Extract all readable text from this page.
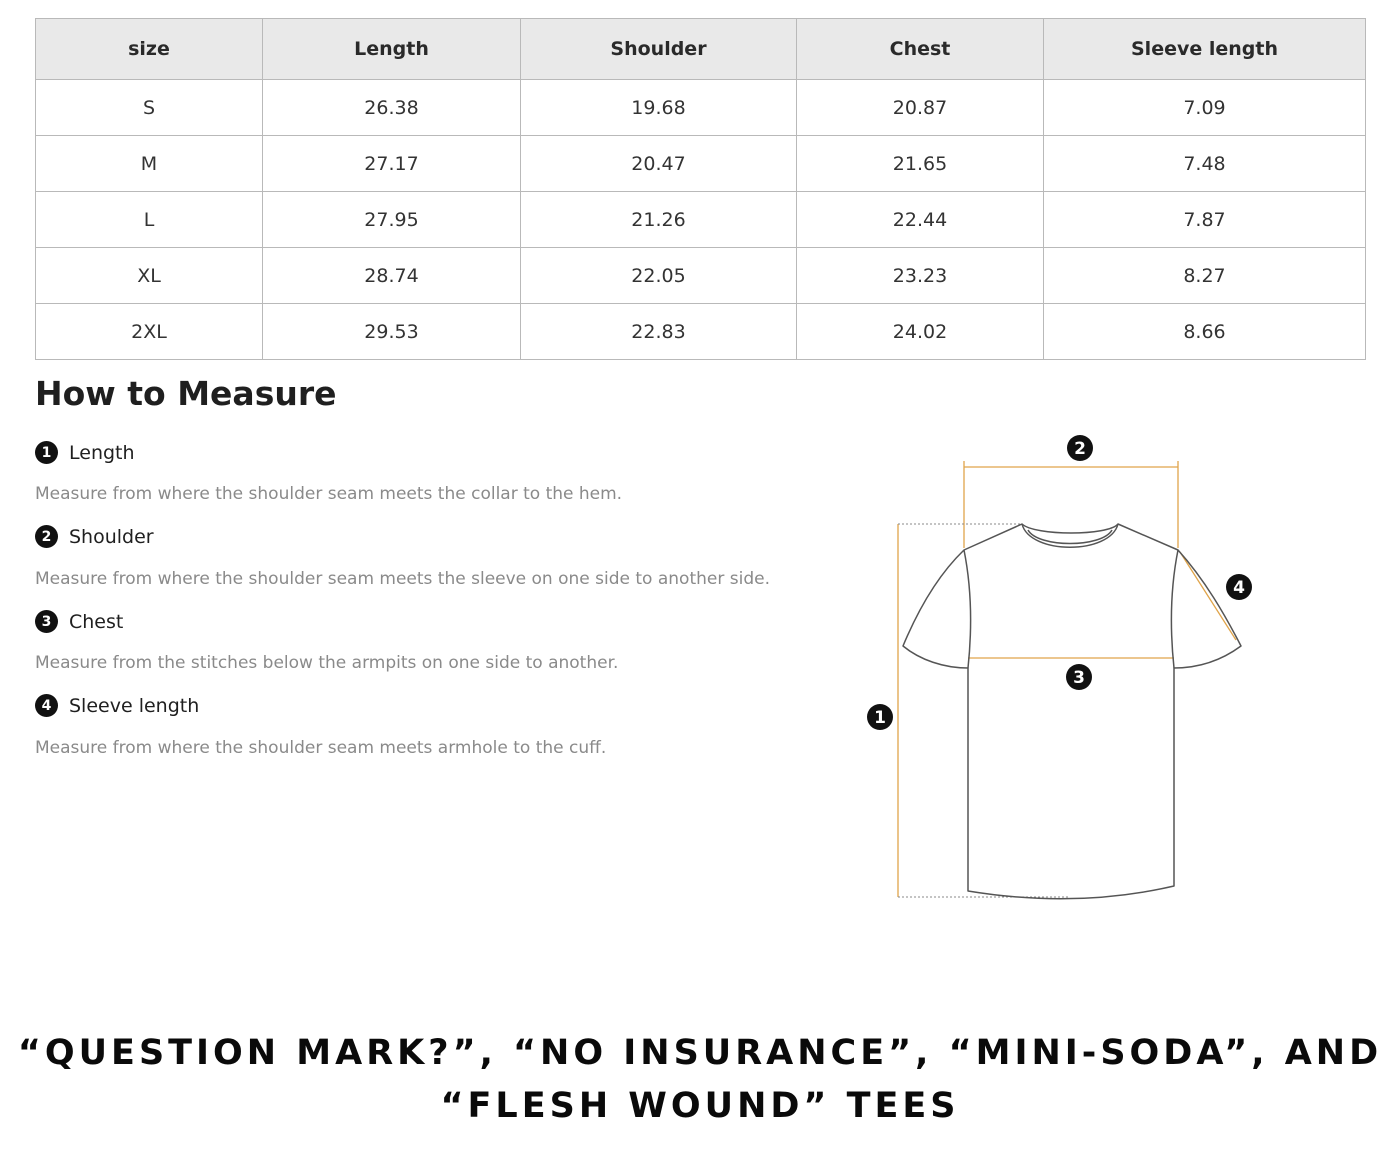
size	Length	Shoulder	Chest	Sleeve length
S	26.38	19.68	20.87	7.09
M	27.17	20.47	21.65	7.48
L	27.95	21.26	22.44	7.87
XL	28.74	22.05	23.23	8.27
2XL	29.53	22.83	24.02	8.66
How to Measure
1 Length
Measure from where the shoulder seam meets the collar to the hem.
2 Shoulder
Measure from where the shoulder seam meets the sleeve on one side to another side.
3 Chest
Measure from the stitches below the armpits on one side to another.
4 Sleeve length
Measure from where the shoulder seam meets armhole to the cuff.
2
4
3
1
“QUESTION MARK?”, “NO INSURANCE”, “MINI-SODA”, AND
“FLESH WOUND” TEES
